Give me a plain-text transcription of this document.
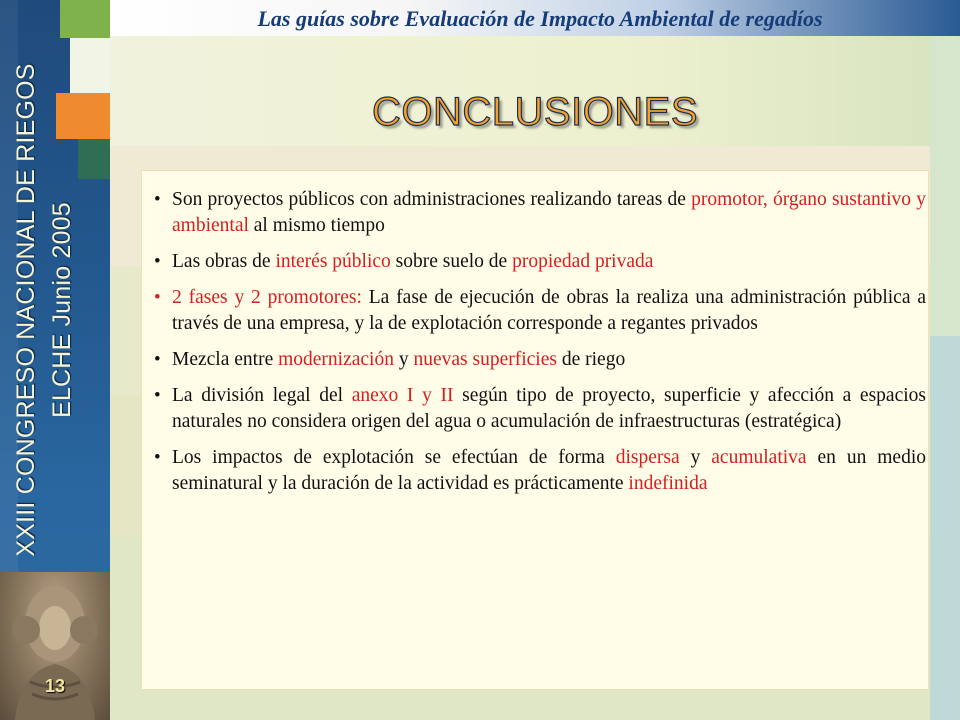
Las guías sobre Evaluación de Impacto Ambiental de regadíos
XXIII CONGRESO NACIONAL DE RIEGOS ELCHE Junio 2005
13
CONCLUSIONES
• Son proyectos públicos con administraciones realizando tareas de promotor, órgano sustantivo y ambiental al mismo tiempo
• Las obras de interés público sobre suelo de propiedad privada
• 2 fases y 2 promotores: La fase de ejecución de obras la realiza una administración pública a través de una empresa, y la de explotación corresponde a regantes privados
• Mezcla entre modernización y nuevas superficies de riego
• La división legal del anexo I y II según tipo de proyecto, superficie y afección a espacios naturales no considera origen del agua o acumulación de infraestructuras (estratégica)
• Los impactos de explotación se efectúan de forma dispersa y acumulativa en un medio seminatural y la duración de la actividad es prácticamente indefinida
